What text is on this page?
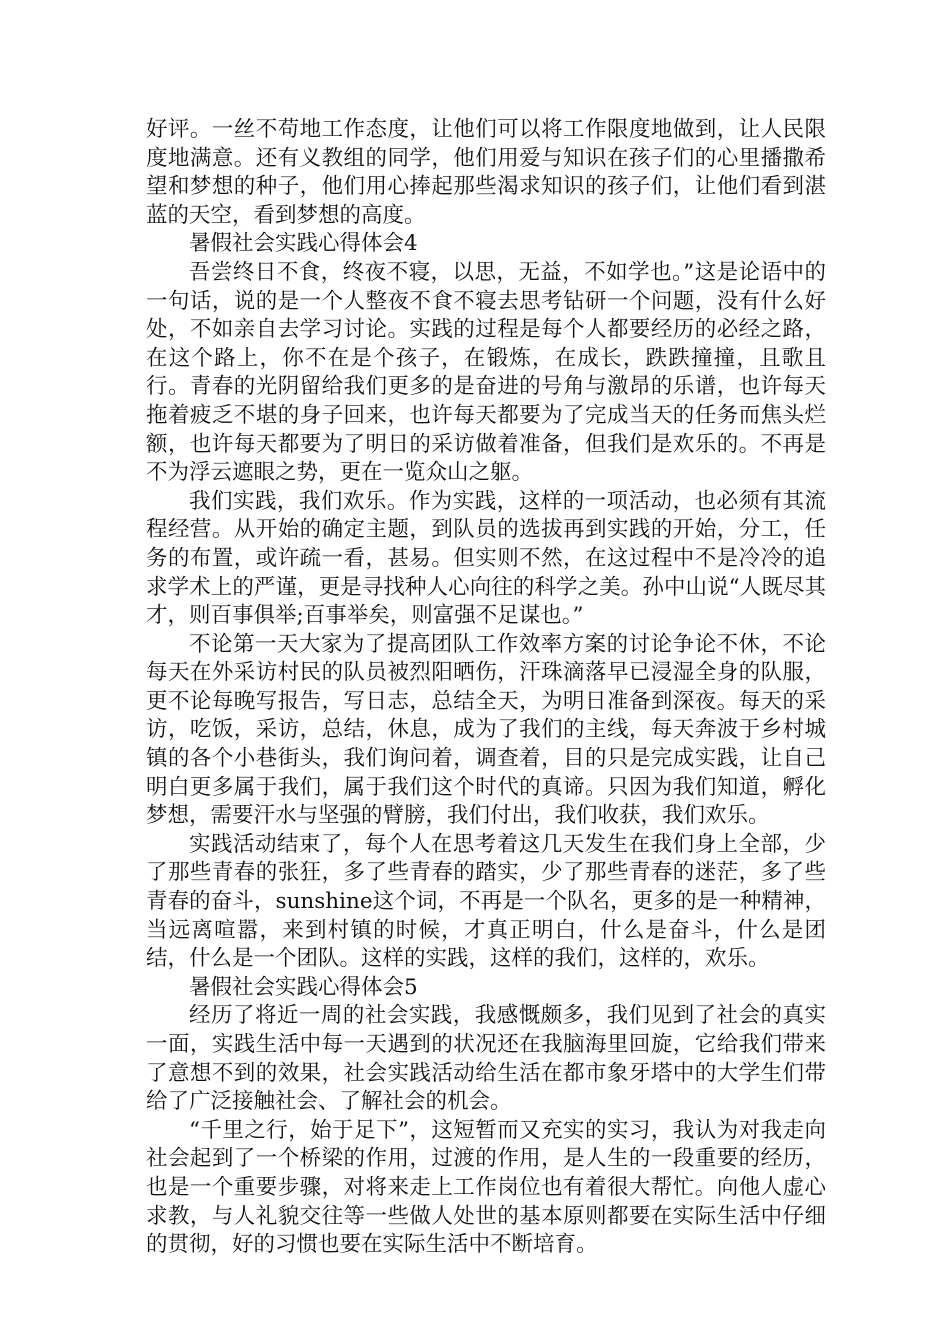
好评。一丝不苟地工作态度，让他们可以将工作限度地做到，让人民限度地满意。还有义教组的同学，他们用爱与知识在孩子们的心里播撒希望和梦想的种子，他们用心捧起那些渴求知识的孩子们，让他们看到湛蓝的天空，看到梦想的高度。

暑假社会实践心得体会4

吾尝终日不食，终夜不寝，以思，无益，不如学也。”这是论语中的一句话，说的是一个人整夜不食不寝去思考钻研一个问题，没有什么好处，不如亲自去学习讨论。实践的过程是每个人都要经历的必经之路，在这个路上，你不在是个孩子，在锻炼，在成长，跌跌撞撞，且歌且行。青春的光阴留给我们更多的是奋进的号角与激昂的乐谱，也许每天拖着疲乏不堪的身子回来，也许每天都要为了完成当天的任务而焦头烂额，也许每天都要为了明日的采访做着准备，但我们是欢乐的。不再是不为浮云遮眼之势，更在一览众山之躯。

我们实践，我们欢乐。作为实践，这样的一项活动，也必须有其流程经营。从开始的确定主题，到队员的选拔再到实践的开始，分工，任务的布置，或许疏一看，甚易。但实则不然，在这过程中不是冷冷的追求学术上的严谨，更是寻找种人心向往的科学之美。孙中山说“人既尽其才，则百事俱举;百事举矣，则富强不足谋也。”

不论第一天大家为了提高团队工作效率方案的讨论争论不休，不论每天在外采访村民的队员被烈阳晒伤，汗珠滴落早已浸湿全身的队服，更不论每晚写报告，写日志，总结全天，为明日准备到深夜。每天的采访，吃饭，采访，总结，休息，成为了我们的主线，每天奔波于乡村城镇的各个小巷街头，我们询问着，调查着，目的只是完成实践，让自己明白更多属于我们，属于我们这个时代的真谛。只因为我们知道，孵化梦想，需要汗水与坚强的臂膀，我们付出，我们收获，我们欢乐。

实践活动结束了，每个人在思考着这几天发生在我们身上全部，少了那些青春的张狂，多了些青春的踏实，少了那些青春的迷茫，多了些青春的奋斗，sunshine这个词，不再是一个队名，更多的是一种精神，当远离喧嚣，来到村镇的时候，才真正明白，什么是奋斗，什么是团结，什么是一个团队。这样的实践，这样的我们，这样的，欢乐。

暑假社会实践心得体会5

经历了将近一周的社会实践，我感慨颇多，我们见到了社会的真实一面，实践生活中每一天遇到的状况还在我脑海里回旋，它给我们带来了意想不到的效果，社会实践活动给生活在都市象牙塔中的大学生们带给了广泛接触社会、了解社会的机会。

“千里之行，始于足下”，这短暂而又充实的实习，我认为对我走向社会起到了一个桥梁的作用，过渡的作用，是人生的一段重要的经历，也是一个重要步骤，对将来走上工作岗位也有着很大帮忙。向他人虚心求教，与人礼貌交往等一些做人处世的基本原则都要在实际生活中仔细的贯彻，好的习惯也要在实际生活中不断培育。
